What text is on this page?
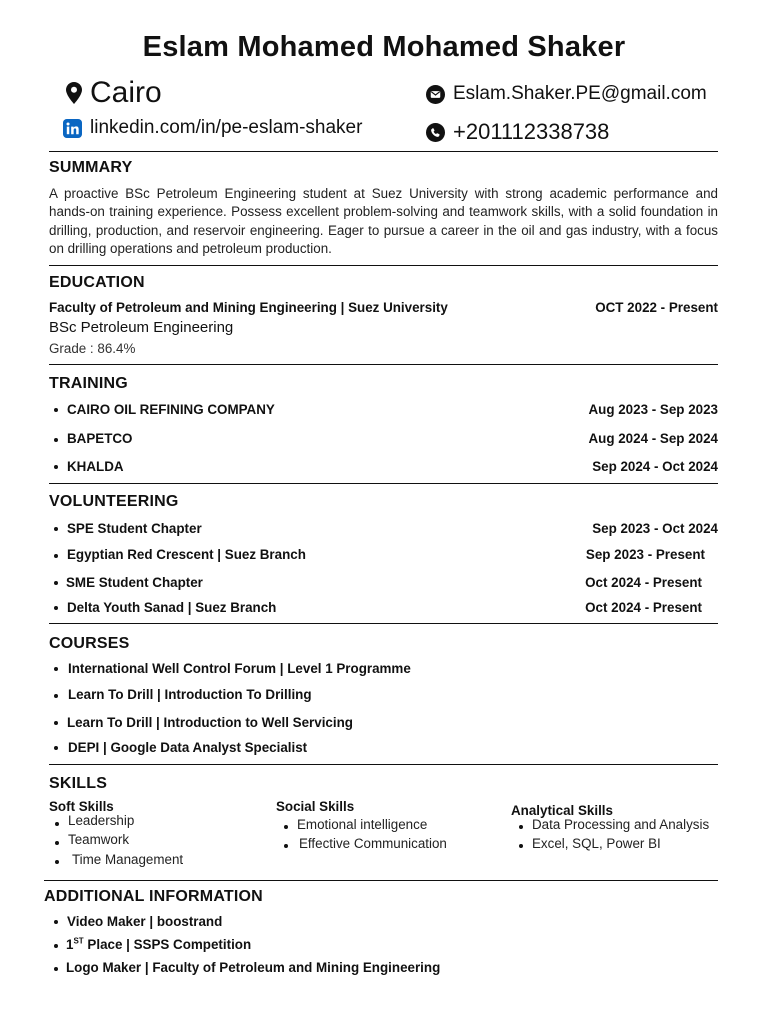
Eslam Mohamed Mohamed Shaker
Cairo	Eslam.Shaker.PE@gmail.com
linkedin.com/in/pe-eslam-shaker	+201112338738
SUMMARY
A proactive BSc Petroleum Engineering student at Suez University with strong academic performance and hands-on training experience. Possess excellent problem-solving and teamwork skills, with a solid foundation in drilling, production, and reservoir engineering. Eager to pursue a career in the oil and gas industry, with a focus on drilling operations and petroleum production.
EDUCATION
Faculty of Petroleum and Mining Engineering | Suez University	OCT 2022 - Present
BSc Petroleum Engineering
Grade : 86.4%
TRAINING
CAIRO OIL REFINING COMPANY	Aug 2023 - Sep 2023
BAPETCO	Aug 2024 - Sep 2024
KHALDA	Sep 2024 - Oct 2024
VOLUNTEERING
SPE Student Chapter	Sep 2023 - Oct 2024
Egyptian Red Crescent | Suez Branch	Sep 2023 - Present
SME Student Chapter	Oct 2024 - Present
Delta Youth Sanad | Suez Branch	Oct 2024 - Present
COURSES
International Well Control Forum | Level 1 Programme
Learn To Drill | Introduction To Drilling
Learn To Drill | Introduction to Well Servicing
DEPI | Google Data Analyst Specialist
SKILLS
Soft Skills
Leadership
Teamwork
Time Management
Social Skills
Emotional intelligence
Effective Communication
Analytical Skills
Data Processing and Analysis
Excel, SQL, Power BI
ADDITIONAL INFORMATION
Video Maker | boostrand
1ST Place | SSPS Competition
Logo Maker | Faculty of Petroleum and Mining Engineering
